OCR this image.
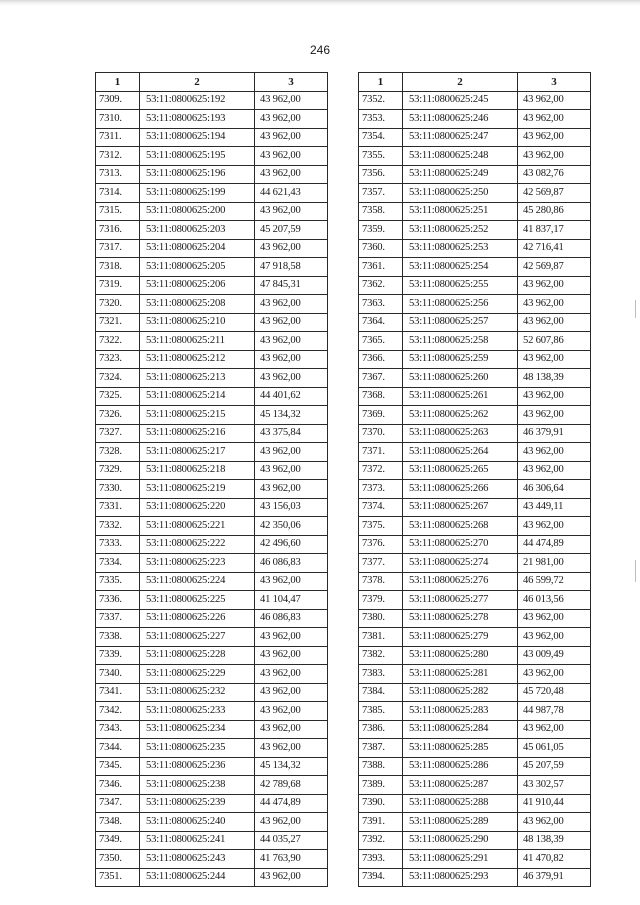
246
1	2	3
7309.	53:11:0800625:192	43 962,00
7310.	53:11:0800625:193	43 962,00
7311.	53:11:0800625:194	43 962,00
7312.	53:11:0800625:195	43 962,00
7313.	53:11:0800625:196	43 962,00
7314.	53:11:0800625:199	44 621,43
7315.	53:11:0800625:200	43 962,00
7316.	53:11:0800625:203	45 207,59
7317.	53:11:0800625:204	43 962,00
7318.	53:11:0800625:205	47 918,58
7319.	53:11:0800625:206	47 845,31
7320.	53:11:0800625:208	43 962,00
7321.	53:11:0800625:210	43 962,00
7322.	53:11:0800625:211	43 962,00
7323.	53:11:0800625:212	43 962,00
7324.	53:11:0800625:213	43 962,00
7325.	53:11:0800625:214	44 401,62
7326.	53:11:0800625:215	45 134,32
7327.	53:11:0800625:216	43 375,84
7328.	53:11:0800625:217	43 962,00
7329.	53:11:0800625:218	43 962,00
7330.	53:11:0800625:219	43 962,00
7331.	53:11:0800625:220	43 156,03
7332.	53:11:0800625:221	42 350,06
7333.	53:11:0800625:222	42 496,60
7334.	53:11:0800625:223	46 086,83
7335.	53:11:0800625:224	43 962,00
7336.	53:11:0800625:225	41 104,47
7337.	53:11:0800625:226	46 086,83
7338.	53:11:0800625:227	43 962,00
7339.	53:11:0800625:228	43 962,00
7340.	53:11:0800625:229	43 962,00
7341.	53:11:0800625:232	43 962,00
7342.	53:11:0800625:233	43 962,00
7343.	53:11:0800625:234	43 962,00
7344.	53:11:0800625:235	43 962,00
7345.	53:11:0800625:236	45 134,32
7346.	53:11:0800625:238	42 789,68
7347.	53:11:0800625:239	44 474,89
7348.	53:11:0800625:240	43 962,00
7349.	53:11:0800625:241	44 035,27
7350.	53:11:0800625:243	41 763,90
7351.	53:11:0800625:244	43 962,00
1	2	3
7352.	53:11:0800625:245	43 962,00
7353.	53:11:0800625:246	43 962,00
7354.	53:11:0800625:247	43 962,00
7355.	53:11:0800625:248	43 962,00
7356.	53:11:0800625:249	43 082,76
7357.	53:11:0800625:250	42 569,87
7358.	53:11:0800625:251	45 280,86
7359.	53:11:0800625:252	41 837,17
7360.	53:11:0800625:253	42 716,41
7361.	53:11:0800625:254	42 569,87
7362.	53:11:0800625:255	43 962,00
7363.	53:11:0800625:256	43 962,00
7364.	53:11:0800625:257	43 962,00
7365.	53:11:0800625:258	52 607,86
7366.	53:11:0800625:259	43 962,00
7367.	53:11:0800625:260	48 138,39
7368.	53:11:0800625:261	43 962,00
7369.	53:11:0800625:262	43 962,00
7370.	53:11:0800625:263	46 379,91
7371.	53:11:0800625:264	43 962,00
7372.	53:11:0800625:265	43 962,00
7373.	53:11:0800625:266	46 306,64
7374.	53:11:0800625:267	43 449,11
7375.	53:11:0800625:268	43 962,00
7376.	53:11:0800625:270	44 474,89
7377.	53:11:0800625:274	21 981,00
7378.	53:11:0800625:276	46 599,72
7379.	53:11:0800625:277	46 013,56
7380.	53:11:0800625:278	43 962,00
7381.	53:11:0800625:279	43 962,00
7382.	53:11:0800625:280	43 009,49
7383.	53:11:0800625:281	43 962,00
7384.	53:11:0800625:282	45 720,48
7385.	53:11:0800625:283	44 987,78
7386.	53:11:0800625:284	43 962,00
7387.	53:11:0800625:285	45 061,05
7388.	53:11:0800625:286	45 207,59
7389.	53:11:0800625:287	43 302,57
7390.	53:11:0800625:288	41 910,44
7391.	53:11:0800625:289	43 962,00
7392.	53:11:0800625:290	48 138,39
7393.	53:11:0800625:291	41 470,82
7394.	53:11:0800625:293	46 379,91
